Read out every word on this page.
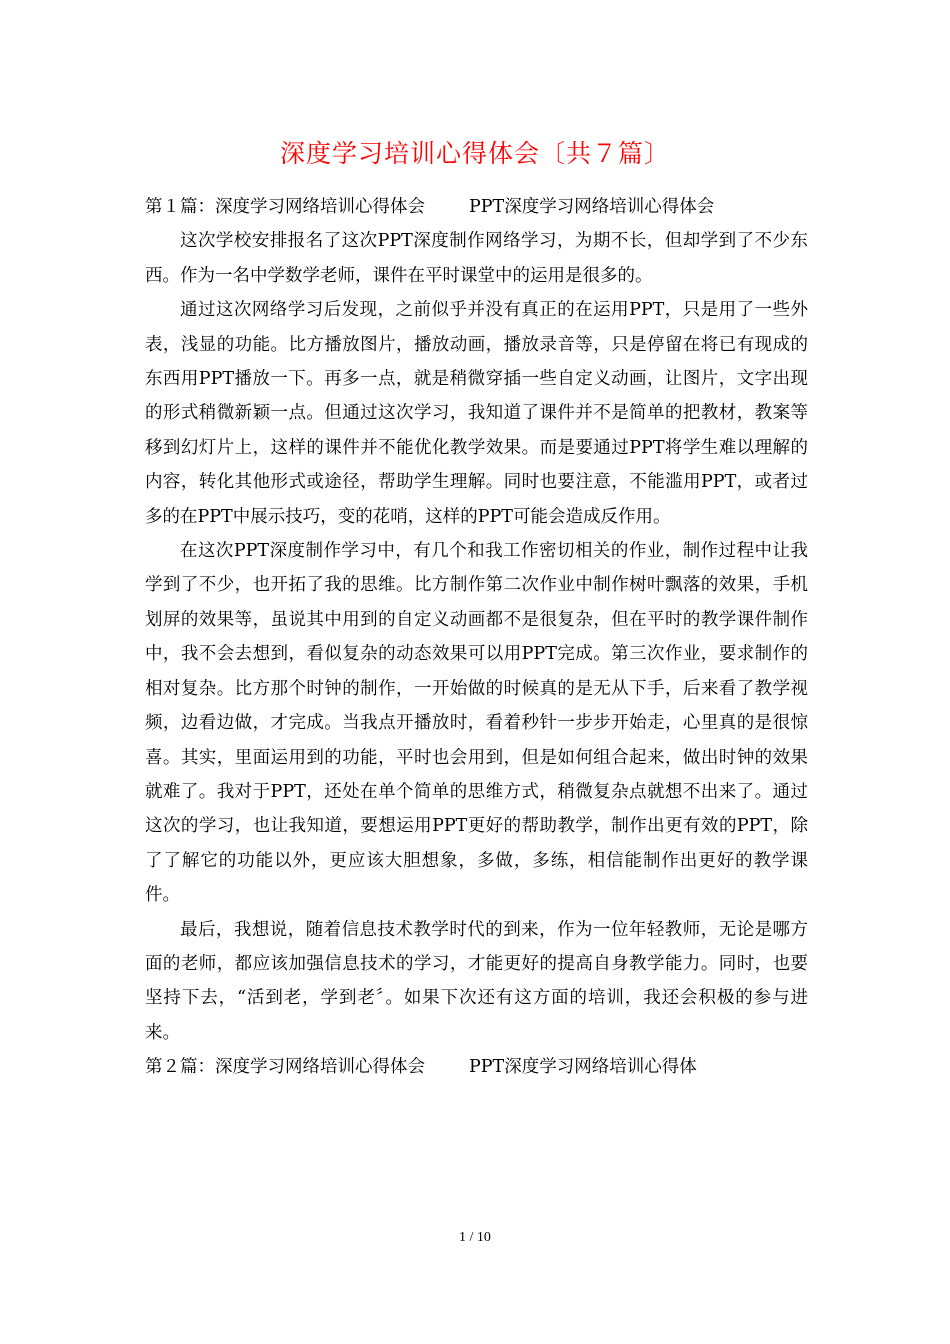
深度学习培训心得体会〔共７篇〕
第１篇：深度学习网络培训心得体会	PPT深度学习网络培训心得体会

这次学校安排报名了这次PPT深度制作网络学习，为期不长，但却学到了不少东西。作为一名中学数学老师，课件在平时课堂中的运用是很多的。

通过这次网络学习后发现，之前似乎并没有真正的在运用PPT，只是用了一些外表，浅显的功能。比方播放图片，播放动画，播放录音等，只是停留在将已有现成的东西用PPT播放一下。再多一点，就是稍微穿插一些自定义动画，让图片，文字出现的形式稍微新颖一点。但通过这次学习，我知道了课件并不是简单的把教材，教案等移到幻灯片上，这样的课件并不能优化教学效果。而是要通过PPT将学生难以理解的内容，转化其他形式或途径，帮助学生理解。同时也要注意，不能滥用PPT，或者过多的在PPT中展示技巧，变的花哨，这样的PPT可能会造成反作用。

在这次PPT深度制作学习中，有几个和我工作密切相关的作业，制作过程中让我学到了不少，也开拓了我的思维。比方制作第二次作业中制作树叶飘落的效果，手机划屏的效果等，虽说其中用到的自定义动画都不是很复杂，但在平时的教学课件制作中，我不会去想到，看似复杂的动态效果可以用PPT完成。第三次作业，要求制作的相对复杂。比方那个时钟的制作，一开始做的时候真的是无从下手，后来看了教学视频，边看边做，才完成。当我点开播放时，看着秒针一步步开始走，心里真的是很惊喜。其实，里面运用到的功能，平时也会用到，但是如何组合起来，做出时钟的效果就难了。我对于PPT，还处在单个简单的思维方式，稍微复杂点就想不出来了。通过这次的学习，也让我知道，要想运用PPT更好的帮助教学，制作出更有效的PPT，除了了解它的功能以外，更应该大胆想象，多做，多练，相信能制作出更好的教学课件。

最后，我想说，随着信息技术教学时代的到来，作为一位年轻教师，无论是哪方面的老师，都应该加强信息技术的学习，才能更好的提高自身教学能力。同时，也要坚持下去，“活到老，学到老〞。如果下次还有这方面的培训，我还会积极的参与进来。

第２篇：深度学习网络培训心得体会	PPT深度学习网络培训心得体
1 / 10
